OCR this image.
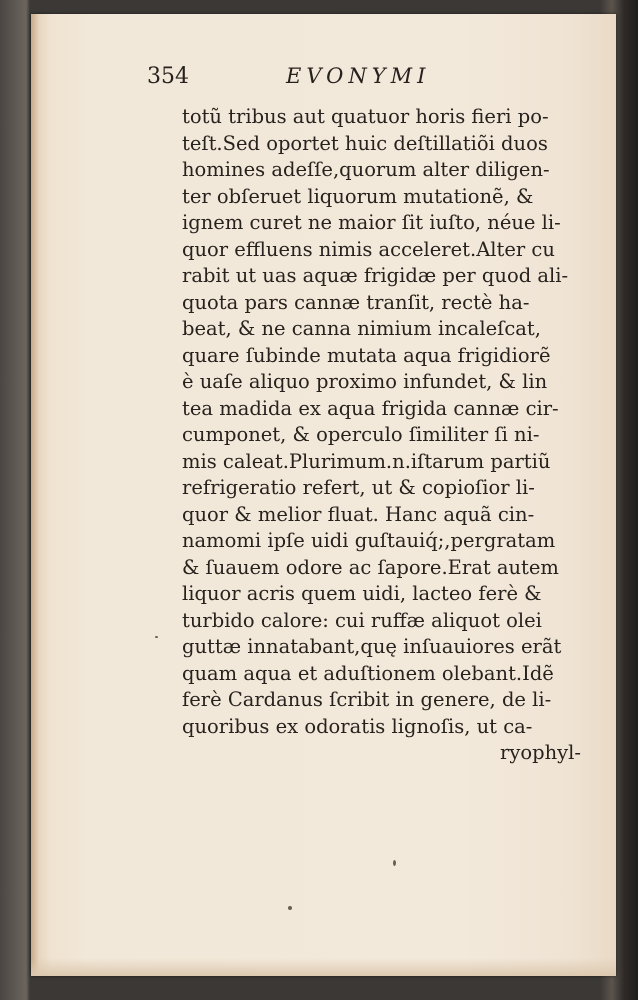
354	EVONYMI
totũ tribus aut quatuor horis fieri po-
teſt.Sed oportet huic deſtillatiõi duos
homines adeſſe,quorum alter diligen-
ter obſeruet liquorum mutationẽ, &
ignem curet ne maior ſit iuſto, néue li-
quor effluens nimis acceleret.Alter cu
rabit ut uas aquæ frigidæ per quod ali-
quota pars cannæ tranſit, rectè ha-
beat, & ne canna nimium incaleſcat,
quare ſubinde mutata aqua frigidiorẽ
è uaſe aliquo proximo infundet, & lin
tea madida ex aqua frigida cannæ cir-
cumponet, & operculo ſimiliter ſi ni-
mis caleat.Plurimum.n.iſtarum partiũ
refrigeratio refert, ut & copioſior li-
quor & melior fluat. Hanc aquã cin-
namomi ipſe uidi guſtauiq́;,pergratam
& ſuauem odore ac ſapore.Erat autem
liquor acris quem uidi, lacteo ferè &
turbido calore: cui ruffæ aliquot olei
guttæ innatabant,quę inſuauiores erãt
quam aqua et aduſtionem olebant.Idẽ
ferè Cardanus ſcribit in genere, de li-
quoribus ex odoratis lignoſis, ut ca-
ryophyl-
